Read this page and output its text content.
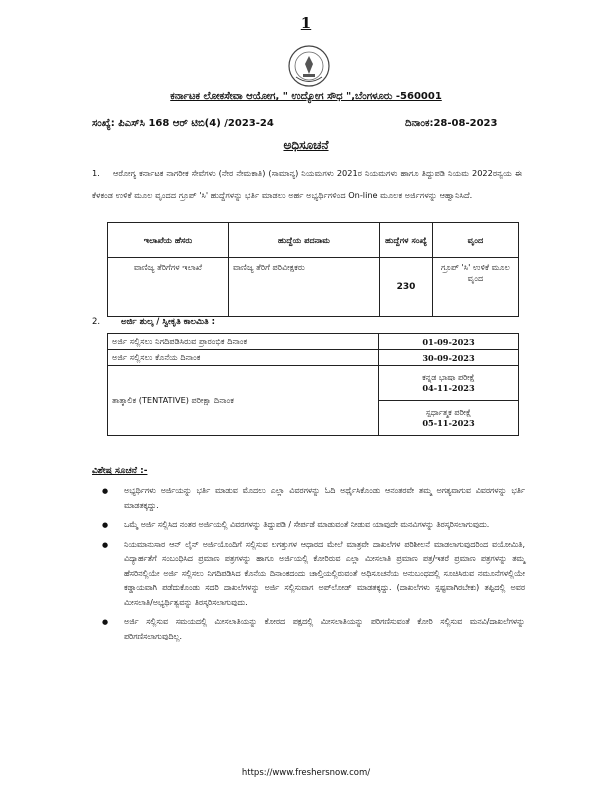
1
ಕರ್ನಾಟಕ ಲೋಕಸೇವಾ ಆಯೋಗ, " ಉದ್ಯೋಗ ಸೌಧ ",ಬೆಂಗಳೂರು -560001
ಸಂಖ್ಯೆ: ಪಿಎಸ್‌ಸಿ 168 ಆರ್‌ ಟಿಬಿ(4) /2023-24	ದಿನಾಂಕ:28-08-2023
ಅಧಿಸೂಚನೆ
1. ಆರೋಗ್ಯ ಕರ್ನಾಟಕ ನಾಗರೀಕ ಸೇವೆಗಳು (ನೇರ ನೇಮಕಾತಿ) (ಸಾಮಾನ್ಯ) ನಿಯಮಗಳು 2021ರ ನಿಯಮಗಳು ಹಾಗೂ ತಿದ್ದುಪಡಿ ನಿಯಮ 2022ರನ್ವಯ ಈ ಕೆಳಕಂಡ ಉಳಿಕೆ ಮೂಲ ವೃಂದದ ಗ್ರೂಪ್ 'ಸಿ' ಹುದ್ದೆಗಳನ್ನು ಭರ್ತಿ ಮಾಡಲು ಅರ್ಹ ಅಭ್ಯರ್ಥಿಗಳಿಂದ On-line ಮೂಲಕ ಅರ್ಜಿಗಳನ್ನು ಆಹ್ವಾನಿಸಿದೆ.
ಇಲಾಖೆಯ ಹೆಸರು	ಹುದ್ದೆಯ ಪದನಾಮ	ಹುದ್ದೆಗಳ ಸಂಖ್ಯೆ	ವೃಂದ
ವಾಣಿಜ್ಯ ತೆರಿಗೆಗಳ ಇಲಾಖೆ	ವಾಣಿಜ್ಯ ತೆರಿಗೆ ಪರಿವೀಕ್ಷಕರು	230	ಗ್ರೂಪ್ 'ಸಿ' ಉಳಿಕೆ ಮೂಲ ವೃಂದ
2. ಅರ್ಜಿ ಶುಲ್ಕ / ಸ್ವೀಕೃತಿ ಕಾಲಮಿತಿ :
ಅರ್ಜಿ ಸಲ್ಲಿಸಲು ನಿಗದಿಪಡಿಸಿರುವ ಪ್ರಾರಂಭಿಕ ದಿನಾಂಕ	01-09-2023
ಅರ್ಜಿ ಸಲ್ಲಿಸಲು ಕೊನೆಯ ದಿನಾಂಕ	30-09-2023
ತಾತ್ಕಾಲಿಕ (TENTATIVE) ಪರೀಕ್ಷಾ ದಿನಾಂಕ	ಕನ್ನಡ ಭಾಷಾ ಪರೀಕ್ಷೆ
04-11-2023

	ಸ್ಪರ್ಧಾತ್ಮಕ ಪರೀಕ್ಷೆ
05-11-2023
ವಿಶೇಷ ಸೂಚನೆ :-
● ಅಭ್ಯರ್ಥಿಗಳು ಅರ್ಜಿಯನ್ನು ಭರ್ತಿ ಮಾಡುವ ಮೊದಲು ಎಲ್ಲಾ ವಿವರಗಳನ್ನು ಓದಿ ಅರ್ಥೈಸಿಕೊಂಡು ಆನಂತರವೇ ತಮ್ಮ ಅಗತ್ಯವಾಗುವ ವಿವರಗಳನ್ನು ಭರ್ತಿ ಮಾಡತಕ್ಕದ್ದು.
● ಒಮ್ಮೆ ಅರ್ಜಿ ಸಲ್ಲಿಸಿದ ನಂತರ ಅರ್ಜಿಯಲ್ಲಿ ವಿವರಗಳನ್ನು ತಿದ್ದುಪಡಿ / ಸೇರ್ಪಡೆ ಮಾಡುವಂತೆ ನೀಡುವ ಯಾವುದೇ ಮನವಿಗಳನ್ನು ತಿರಸ್ಕರಿಸಲಾಗುವುದು.
● ನಿಯಮಾನುಸಾರ ಆನ್ ಲೈನ್ ಅರ್ಜಿಯೊಂದಿಗೆ ಸಲ್ಲಿಸುವ ಲಗತ್ತುಗಳ ಆಧಾರದ ಮೇಲೆ ಮಾತ್ರವೇ ದಾಖಲೆಗಳ ಪರಿಶೀಲನೆ ಮಾಡಲಾಗುವುದರಿಂದ ವಯೋಮಿತಿ, ವಿದ್ಯಾರ್ಹತೆಗೆ ಸಂಬಂಧಿಸಿದ ಪ್ರಮಾಣ ಪತ್ರಗಳನ್ನು ಹಾಗೂ ಅರ್ಜಿಯಲ್ಲಿ ಕೋರಿರುವ ಎಲ್ಲಾ ಮೀಸಲಾತಿ ಪ್ರಮಾಣ ಪತ್ರ/ಇತರೆ ಪ್ರಮಾಣ ಪತ್ರಗಳನ್ನು ತಮ್ಮ ಹೆಸರಿನಲ್ಲಿಯೇ ಅರ್ಜಿ ಸಲ್ಲಿಸಲು ನಿಗದಿಪಡಿಸಿದ ಕೊನೆಯ ದಿನಾಂಕದಂದು ಚಾಲ್ತಿಯಲ್ಲಿರುವಂತೆ ಅಧಿಸೂಚನೆಯ ಅನುಬಂಧದಲ್ಲಿ ಸೂಚಿಸಿರುವ ನಮೂನೆಗಳಲ್ಲಿಯೇ ಕಡ್ಡಾಯವಾಗಿ ಪಡೆದುಕೊಂಡು ಸದರಿ ದಾಖಲೆಗಳನ್ನು ಅರ್ಜಿ ಸಲ್ಲಿಸುವಾಗ ಅಪ್‌ಲೋಡ್ ಮಾಡತಕ್ಕದ್ದು. (ದಾಖಲೆಗಳು ಸ್ಪಷ್ಟವಾಗಿರಬೇಕು) ತಪ್ಪಿದಲ್ಲಿ ಅವರ ಮೀಸಲಾತಿ/ಅಭ್ಯರ್ಥಿತ್ವವನ್ನು ತಿರಸ್ಕರಿಸಲಾಗುವುದು.
● ಅರ್ಜಿ ಸಲ್ಲಿಸುವ ಸಮಯದಲ್ಲಿ ಮೀಸಲಾತಿಯನ್ನು ಕೋರದ ಪಕ್ಷದಲ್ಲಿ ಮೀಸಲಾತಿಯನ್ನು ಪರಿಗಣಿಸುವಂತೆ ಕೋರಿ ಸಲ್ಲಿಸುವ ಮನವಿ/ದಾಖಲೆಗಳನ್ನು ಪರಿಗಣಿಸಲಾಗುವುದಿಲ್ಲ.
https://www.freshersnow.com/
